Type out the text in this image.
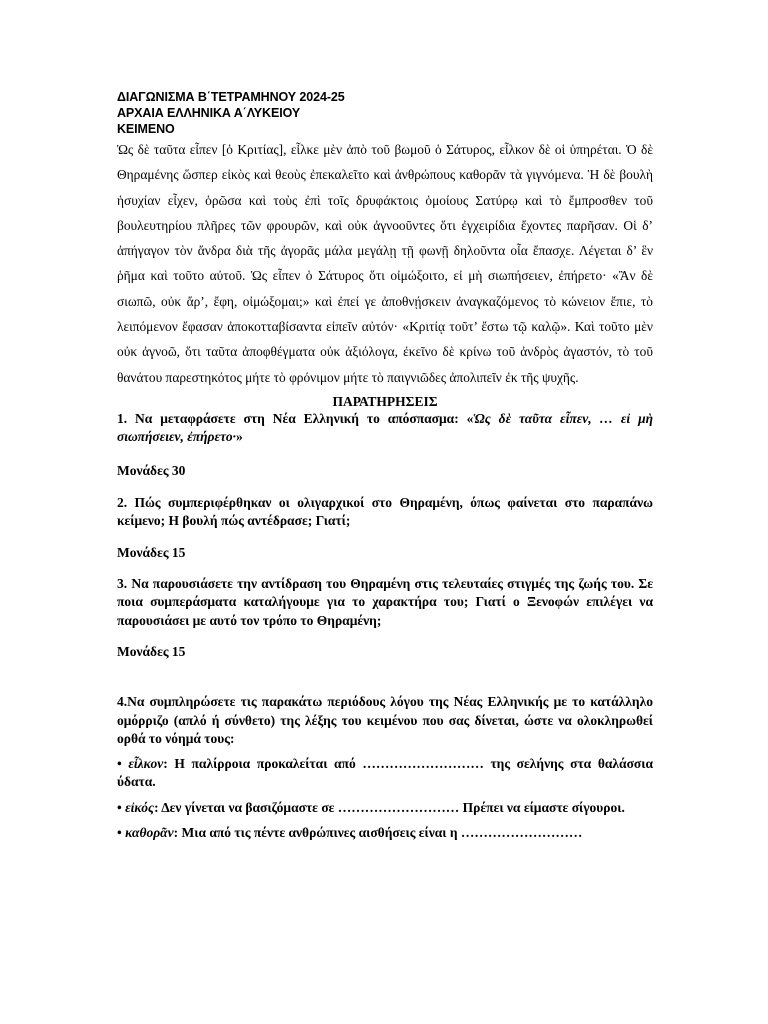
ΔΙΑΓΩΝΙΣΜΑ Β΄ΤΕΤΡΑΜΗΝΟΥ 2024-25
ΑΡΧΑΙΑ ΕΛΛΗΝΙΚΑ Α΄ΛΥΚΕΙΟΥ
ΚΕΙΜΕΝΟ

Ὡς δὲ ταῦτα εἶπεν [ὁ Κριτίας], εἷλκε μὲν ἀπὸ τοῦ βωμοῦ ὁ Σάτυρος, εἷλκον δὲ οἱ ὑπηρέται. Ὁ δὲ Θηραμένης ὥσπερ εἰκὸς καὶ θεοὺς ἐπεκαλεῖτο καὶ ἀνθρώπους καθορᾶν τὰ γιγνόμενα. Ἡ δὲ βουλὴ ἡσυχίαν εἶχεν, ὁρῶσα καὶ τοὺς ἐπὶ τοῖς δρυφάκτοις ὁμοίους Σατύρῳ καὶ τὸ ἔμπροσθεν τοῦ βουλευτηρίου πλῆρες τῶν φρουρῶν, καὶ οὐκ ἀγνοοῦντες ὅτι ἐγχειρίδια ἔχοντες παρῆσαν. Οἱ δ’ ἀπήγαγον τὸν ἄνδρα διὰ τῆς ἀγορᾶς μάλα μεγάλῃ τῇ φωνῇ δηλοῦντα οἷα ἔπασχε. Λέγεται δ’ ἓν ῥῆμα καὶ τοῦτο αὐτοῦ. Ὡς εἶπεν ὁ Σάτυρος ὅτι οἰμώξοιτο, εἰ μὴ σιωπήσειεν, ἐπήρετο· «Ἂν δὲ σιωπῶ, οὐκ ἄρ’, ἔφη, οἰμώξομαι;» καὶ ἐπεί γε ἀποθνῄσκειν ἀναγκαζόμενος τὸ κώνειον ἔπιε, τὸ λειπόμενον ἔφασαν ἀποκοτταβίσαντα εἰπεῖν αὐτόν· «Κριτίᾳ τοῦτ’ ἔστω τῷ καλῷ». Καὶ τοῦτο μὲν οὐκ ἀγνοῶ, ὅτι ταῦτα ἀποφθέγματα οὐκ ἀξιόλογα, ἐκεῖνο δὲ κρίνω τοῦ ἀνδρὸς ἀγαστόν, τὸ τοῦ θανάτου παρεστηκότος μήτε τὸ φρόνιμον μήτε τὸ παιγνιῶδες ἀπολιπεῖν ἐκ τῆς ψυχῆς.

ΠΑΡΑΤΗΡΗΣΕΙΣ

1. Να μεταφράσετε στη Νέα Ελληνική το απόσπασμα: «Ὡς δὲ ταῦτα εἶπεν, … εἰ μὴ σιωπήσειεν, ἐπήρετο·»

Μονάδες 30

2. Πώς συμπεριφέρθηκαν οι ολιγαρχικοί στο Θηραμένη, όπως φαίνεται στο παραπάνω κείμενο; Η βουλή πώς αντέδρασε; Γιατί;

Μονάδες 15

3. Να παρουσιάσετε την αντίδραση του Θηραμένη στις τελευταίες στιγμές της ζωής του. Σε ποια συμπεράσματα καταλήγουμε για το χαρακτήρα του; Γιατί ο Ξενοφών επιλέγει να παρουσιάσει με αυτό τον τρόπο το Θηραμένη;

Μονάδες 15

4.Να συμπληρώσετε τις παρακάτω περιόδους λόγου της Νέας Ελληνικής με το κατάλληλο ομόρριζο (απλό ή σύνθετο) της λέξης του κειμένου που σας δίνεται, ώστε να ολοκληρωθεί ορθά το νόημά τους:

• εἷλκον: Η παλίρροια προκαλείται από ……………………… της σελήνης στα θαλάσσια ύδατα.

• εἰκός: Δεν γίνεται να βασιζόμαστε σε ……………………… Πρέπει να είμαστε σίγουροι.

• καθορᾶν: Μια από τις πέντε ανθρώπινες αισθήσεις είναι η ………………………
